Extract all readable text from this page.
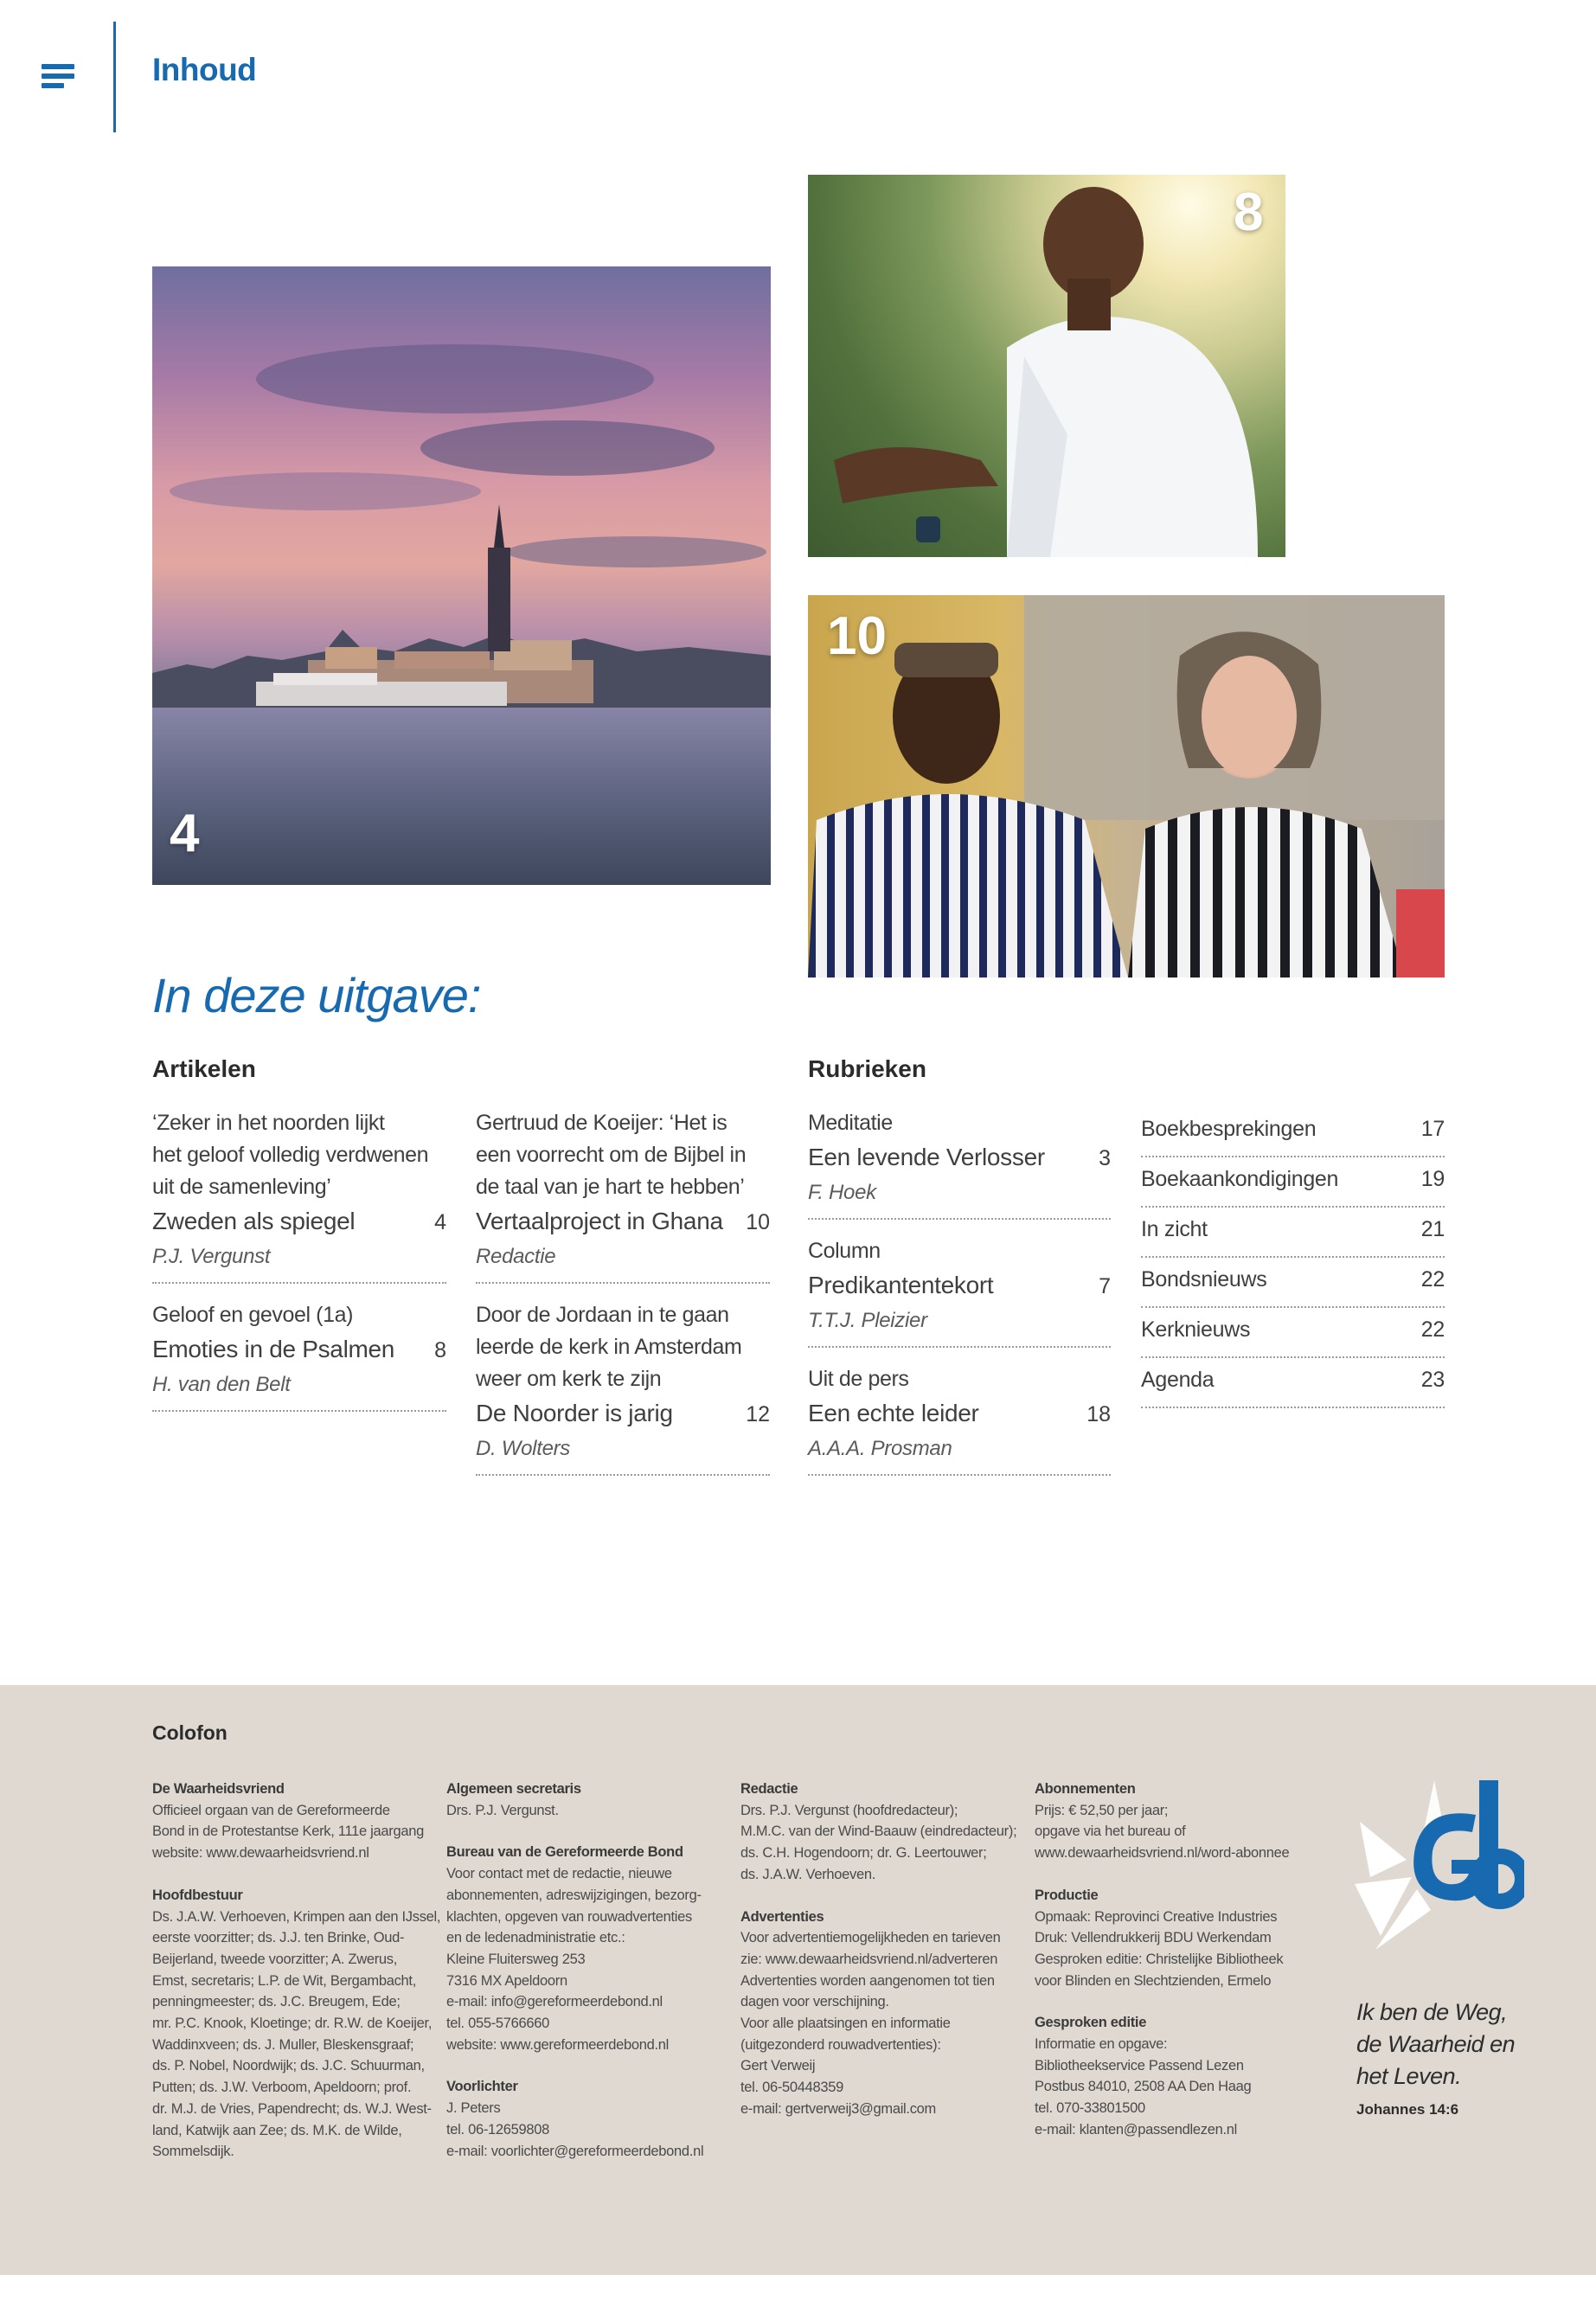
Inhoud
4
8
10
In deze uitgave:
Artikelen	Rubrieken
‘Zeker in het noorden lijkt
het geloof volledig verdwenen
uit de samenleving’
Zweden als spiegel	4
P.J. Vergunst
Geloof en gevoel (1a)
Emoties in de Psalmen 8
H. van den Belt
Gertruud de Koeijer: ‘Het is
een voorrecht om de Bijbel in
de taal van je hart te hebben’
Vertaalproject in Ghana 10
Redactie
Door de Jordaan in te gaan
leerde de kerk in Amsterdam
weer om kerk te zijn
De Noorder is jarig	12
D. Wolters
Meditatie
Een levende Verlosser 3
F. Hoek
Column
Predikantentekort	7
T.T.J. Pleizier
Uit de pers
Een echte leider	18
A.A.A. Prosman
Boekbesprekingen	17
Boekaankondigingen	19
In zicht	21
Bondsnieuws	22
Kerknieuws	22
Agenda	23
Colofon
De Waarheidsvriend
Officieel orgaan van de Gereformeerde
Bond in de Protestantse Kerk, 111e jaargang
website: www.dewaarheidsvriend.nl
Hoofdbestuur
Ds. J.A.W. Verhoeven, Krimpen aan den IJssel,
eerste voorzitter; ds. J.J. ten Brinke, Oud-
Beijerland, tweede voorzitter; A. Zwerus,
Emst, secretaris; L.P. de Wit, Bergambacht,
penningmeester; ds. J.C. Breugem, Ede;
mr. P.C. Knook, Kloetinge; dr. R.W. de Koeijer,
Waddinxveen; ds. J. Muller, Bleskensgraaf;
ds. P. Nobel, Noordwijk; ds. J.C. Schuurman,
Putten; ds. J.W. Verboom, Apeldoorn; prof.
dr. M.J. de Vries, Papendrecht; ds. W.J. West-
land, Katwijk aan Zee; ds. M.K. de Wilde,
Sommelsdijk.
Algemeen secretaris
Drs. P.J. Vergunst.
Bureau van de Gereformeerde Bond
Voor contact met de redactie, nieuwe
abonnementen, adreswijzigingen, bezorg-
klachten, opgeven van rouwadvertenties
en de ledenadministratie etc.:
Kleine Fluitersweg 253
7316 MX Apeldoorn
e-mail: info@gereformeerdebond.nl
tel. 055-5766660
website: www.gereformeerdebond.nl
Voorlichter
J. Peters
tel. 06-12659808
e-mail: voorlichter@gereformeerdebond.nl
Redactie
Drs. P.J. Vergunst (hoofdredacteur);
M.M.C. van der Wind-Baauw (eindredacteur);
ds. C.H. Hogendoorn; dr. G. Leertouwer;
ds. J.A.W. Verhoeven.
Advertenties
Voor advertentiemogelijkheden en tarieven
zie: www.dewaarheidsvriend.nl/adverteren
Advertenties worden aangenomen tot tien
dagen voor verschijning.
Voor alle plaatsingen en informatie
(uitgezonderd rouwadvertenties):
Gert Verweij
tel. 06-50448359
e-mail: gertverweij3@gmail.com
Abonnementen
Prijs: € 52,50 per jaar;
opgave via het bureau of
www.dewaarheidsvriend.nl/word-abonnee
Productie
Opmaak: Reprovinci Creative Industries
Druk: Vellendrukkerij BDU Werkendam
Gesproken editie: Christelijke Bibliotheek
voor Blinden en Slechtzienden, Ermelo
Gesproken editie
Informatie en opgave:
Bibliotheekservice Passend Lezen
Postbus 84010, 2508 AA Den Haag
tel. 070-33801500
e-mail: klanten@passendlezen.nl
Ik ben de Weg,
de Waarheid en
het Leven.
Johannes 14:6
